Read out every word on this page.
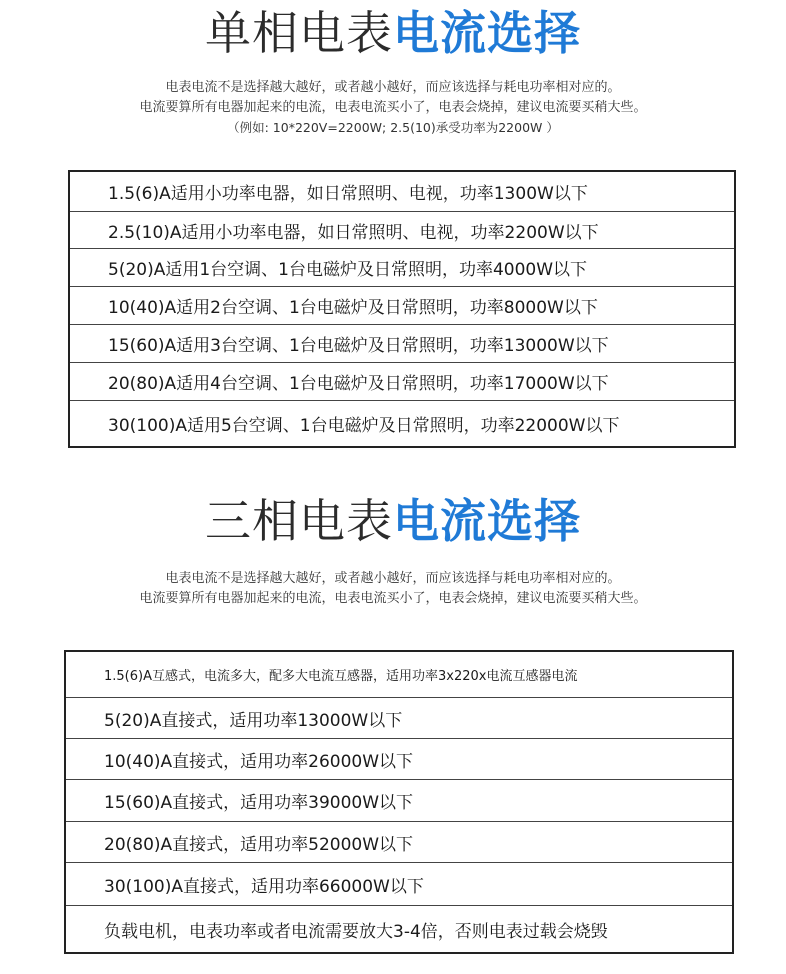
单相电表电流选择
电表电流不是选择越大越好，或者越小越好，而应该选择与耗电功率相对应的。
电流要算所有电器加起来的电流，电表电流买小了，电表会烧掉，建议电流要买稍大些。
（例如: 10*220V=2200W; 2.5(10)承受功率为2200W ）
1.5(6)A适用小功率电器，如日常照明、电视，功率1300W以下
2.5(10)A适用小功率电器，如日常照明、电视，功率2200W以下
5(20)A适用1台空调、1台电磁炉及日常照明，功率4000W以下
10(40)A适用2台空调、1台电磁炉及日常照明，功率8000W以下
15(60)A适用3台空调、1台电磁炉及日常照明，功率13000W以下
20(80)A适用4台空调、1台电磁炉及日常照明，功率17000W以下
30(100)A适用5台空调、1台电磁炉及日常照明，功率22000W以下
三相电表电流选择
电表电流不是选择越大越好，或者越小越好，而应该选择与耗电功率相对应的。
电流要算所有电器加起来的电流，电表电流买小了，电表会烧掉，建议电流要买稍大些。
1.5(6)A互感式，电流多大，配多大电流互感器，适用功率3x220x电流互感器电流
5(20)A直接式，适用功率13000W以下
10(40)A直接式，适用功率26000W以下
15(60)A直接式，适用功率39000W以下
20(80)A直接式，适用功率52000W以下
30(100)A直接式，适用功率66000W以下
负载电机，电表功率或者电流需要放大3-4倍，否则电表过载会烧毁
